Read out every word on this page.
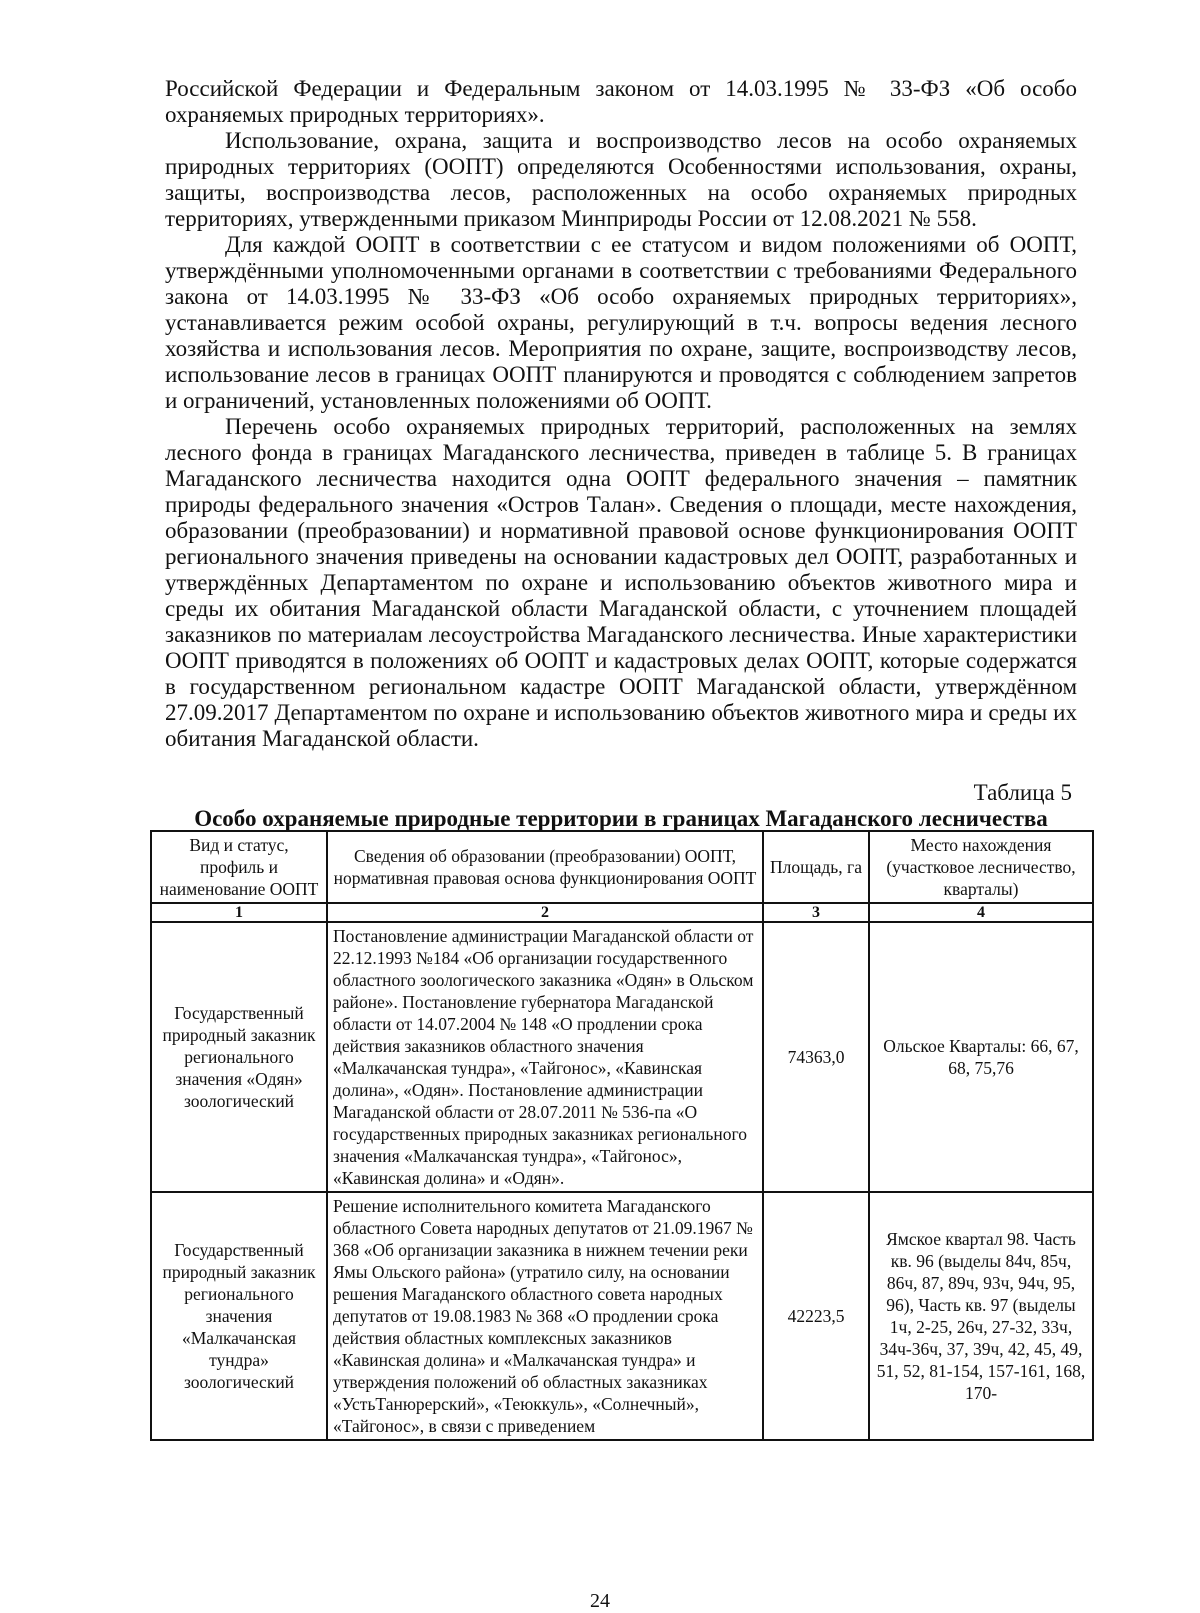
Российской Федерации и Федеральным законом от 14.03.1995 № 33-ФЗ «Об особо охраняемых природных территориях».

Использование, охрана, защита и воспроизводство лесов на особо охраняемых природных территориях (ООПТ) определяются Особенностями использования, охраны, защиты, воспроизводства лесов, расположенных на особо охраняемых природных территориях, утвержденными приказом Минприроды России от 12.08.2021 № 558.

Для каждой ООПТ в соответствии с ее статусом и видом положениями об ООПТ, утверждёнными уполномоченными органами в соответствии с требованиями Федерального закона от 14.03.1995 № 33-ФЗ «Об особо охраняемых природных территориях», устанавливается режим особой охраны, регулирующий в т.ч. вопросы ведения лесного хозяйства и использования лесов. Мероприятия по охране, защите, воспроизводству лесов, использование лесов в границах ООПТ планируются и проводятся с соблюдением запретов и ограничений, установленных положениями об ООПТ.

Перечень особо охраняемых природных территорий, расположенных на землях лесного фонда в границах Магаданского лесничества, приведен в таблице 5. В границах Магаданского лесничества находится одна ООПТ федерального значения – памятник природы федерального значения «Остров Талан». Сведения о площади, месте нахождения, образовании (преобразовании) и нормативной правовой основе функционирования ООПТ регионального значения приведены на основании кадастровых дел ООПТ, разработанных и утверждённых Департаментом по охране и использованию объектов животного мира и среды их обитания Магаданской области Магаданской области, с уточнением площадей заказников по материалам лесоустройства Магаданского лесничества. Иные характеристики ООПТ приводятся в положениях об ООПТ и кадастровых делах ООПТ, которые содержатся в государственном региональном кадастре ООПТ Магаданской области, утверждённом 27.09.2017 Департаментом по охране и использованию объектов животного мира и среды их обитания Магаданской области.

Таблица 5
Особо охраняемые природные территории в границах Магаданского лесничества
Вид и статус, профиль и наименование ООПТ	Сведения об образовании (преобразовании) ООПТ, нормативная правовая основа функционирования ООПТ	Площадь, га	Место нахождения (участковое лесничество, кварталы)
1	2	3	4
Государственный природный заказник регионального значения «Одян» зоологический	Постановление администрации Магаданской области от 22.12.1993 №184 «Об организации государственного областного зоологического заказника «Одян» в Ольском районе». Постановление губернатора Магаданской области от 14.07.2004 № 148 «О продлении срока действия заказников областного значения «Малкачанская тундра», «Тайгонос», «Кавинская долина», «Одян». Постановление администрации Магаданской области от 28.07.2011 № 536-па «О государственных природных заказниках регионального значения «Малкачанская тундра», «Тайгонос», «Кавинская долина» и «Одян».	74363,0	Ольское Кварталы: 66, 67, 68, 75,76
Государственный природный заказник регионального значения «Малкачанская тундра» зоологический	Решение исполнительного комитета Магаданского областного Совета народных депутатов от 21.09.1967 № 368 «Об организации заказника в нижнем течении реки Ямы Ольского района» (утратило силу, на основании решения Магаданского областного совета народных депутатов от 19.08.1983 № 368 «О продлении срока действия областных комплексных заказников «Кавинская долина» и «Малкачанская тундра» и утверждения положений об областных заказниках «УстьТанюрерский», «Теюккуль», «Солнечный», «Тайгонос», в связи с приведением	42223,5	Ямское квартал 98. Часть кв. 96 (выделы 84ч, 85ч, 86ч, 87, 89ч, 93ч, 94ч, 95, 96), Часть кв. 97 (выделы 1ч, 2-25, 26ч, 27-32, 33ч, 34ч-36ч, 37, 39ч, 42, 45, 49, 51, 52, 81-154, 157-161, 168, 170-
24
